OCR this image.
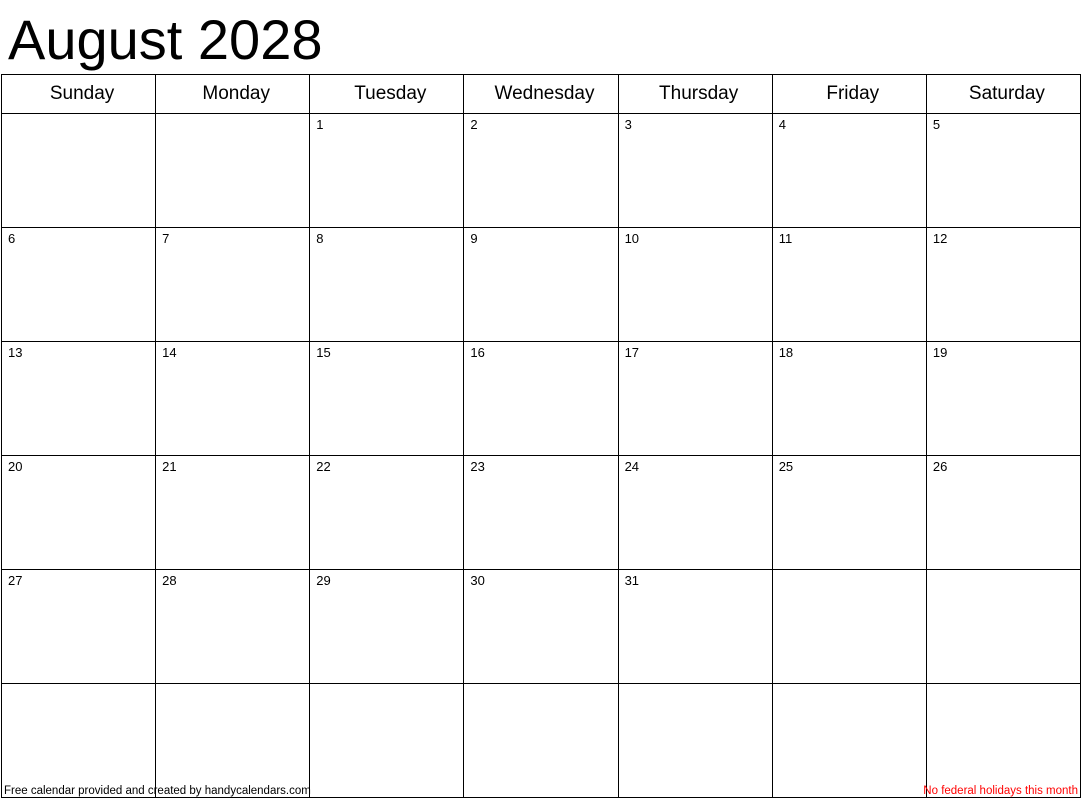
August 2028
Sunday	Monday	Tuesday	Wednesday	Thursday	Friday	Saturday

		1	2	3	4	5

6	7	8	9	10	11	12

13	14	15	16	17	18	19

20	21	22	23	24	25	26

27	28	29	30	31		

Free calendar provided and created by handycalendars.com	No federal holidays this month
